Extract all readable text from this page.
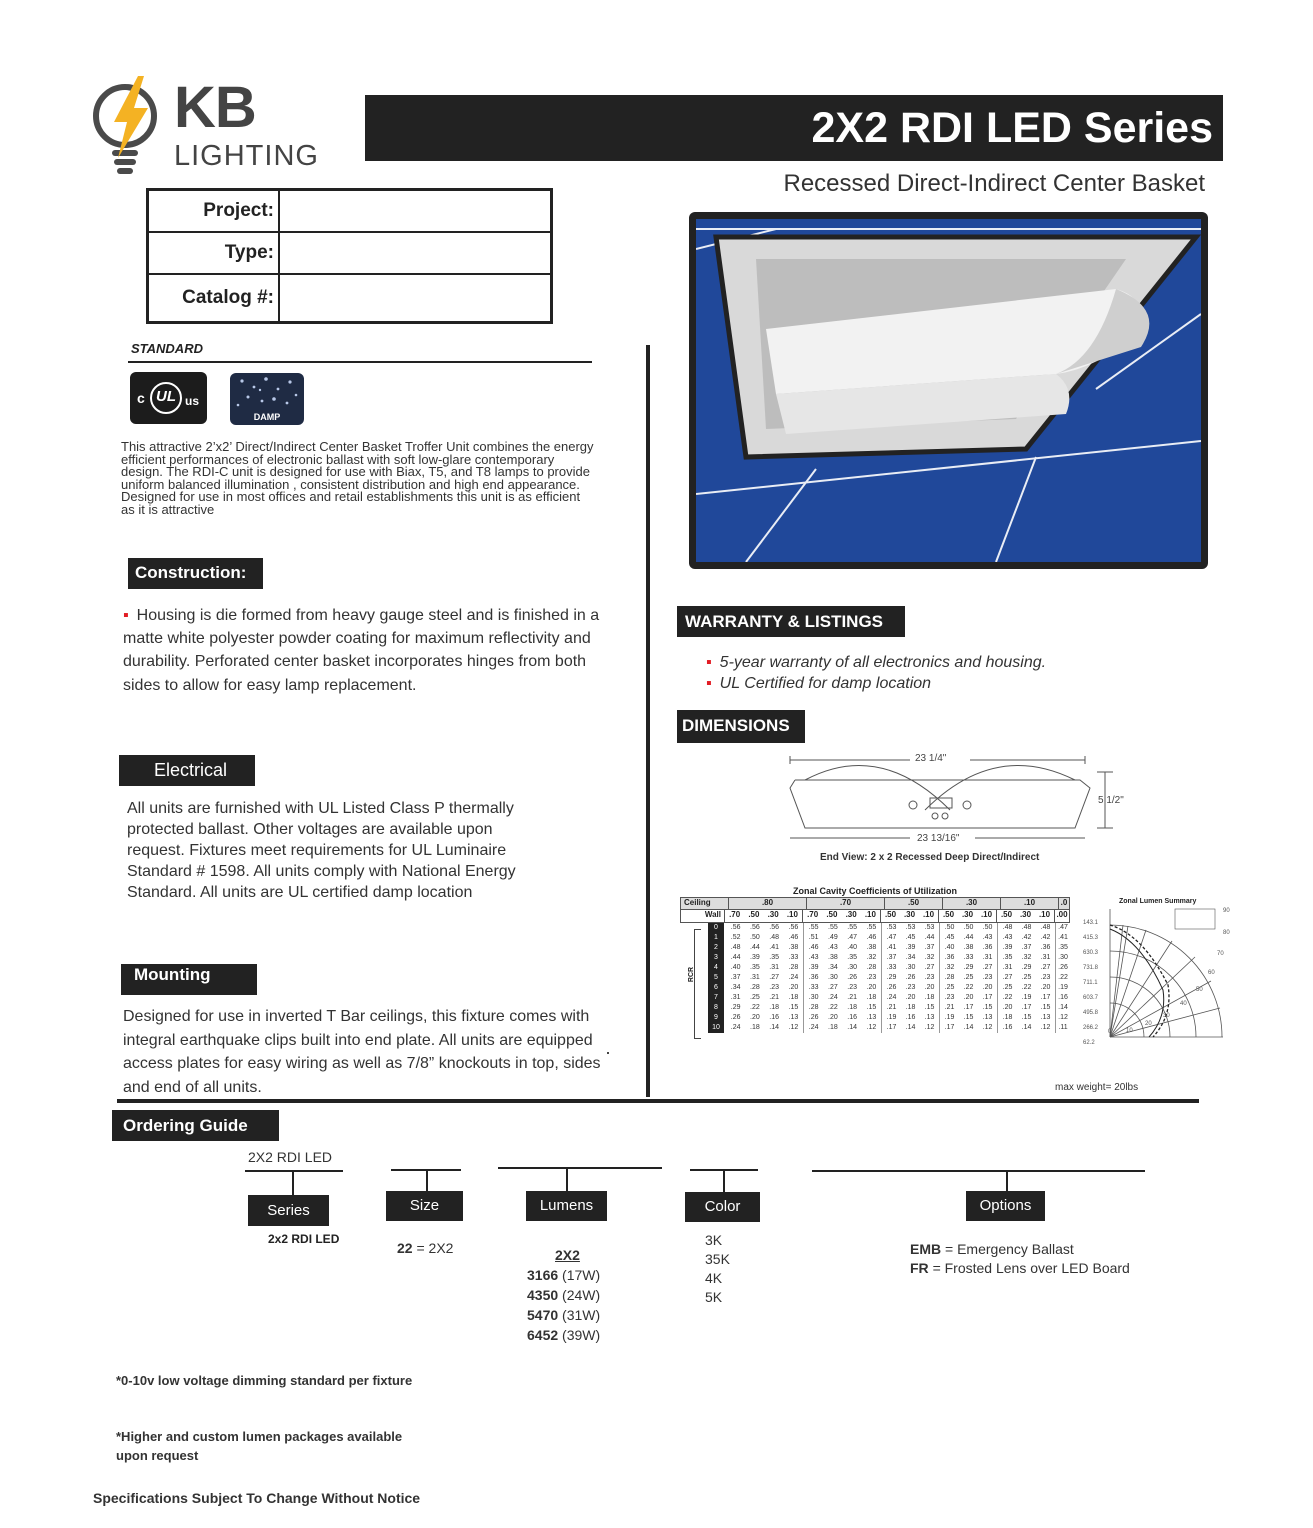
KB
LIGHTING
2X2 RDI LED Series
Recessed Direct-Indirect Center Basket
Project:	
Type:	
Catalog #:	
STANDARD
c UL us
DAMP
This attractive 2’x2’ Direct/Indirect Center Basket Troffer Unit combines the energy efficient performances of electronic ballast with soft low-glare contemporary design. The RDI-C unit is designed for use with Biax, T5, and T8 lamps to provide uniform balanced illumination , consistent distribution and high end appearance. Designed for use in most offices and retail establishments this unit is as efficient as it is attractive
Construction:
▪ Housing is die formed from heavy gauge steel and is finished in a matte white polyester powder coating for maximum reflectivity and durability. Perforated center basket incorporates hinges from both sides to allow for easy lamp replacement.
Electrical
All units are furnished with UL Listed Class P thermally protected ballast. Other voltages are available upon request. Fixtures meet requirements for UL Luminaire Standard # 1598. All units comply with National Energy Standard. All units are UL certified damp location
Mounting
Designed for use in inverted T Bar ceilings, this fixture comes with integral earthquake clips built into end plate. All units are equipped access plates for easy wiring as well as 7/8” knockouts in top, sides and end of all units.
WARRANTY & LISTINGS
▪ 5-year warranty of all electronics and housing.
▪ UL Certified for damp location
DIMENSIONS
23 1/4"
5 1/2"
23 13/16"
End View: 2 x 2 Recessed Deep Direct/Indirect
Zonal Cavity Coefficients of Utilization
Ceiling	.80	.70	.50	.30	.10	.0
Wall	.70	.50	.30	.10	.70	.50	.30	.10	.50 .30 .10	.50 .30 .10	.50 .30 .10 .00
RCR
0	.56	.56	.56	.56	.55	.55	.55	.55	.53	.53	.53	.50	.50	.50	.48	.48	.48	.47
1	.52	.50	.48	.46	.51	.49	.47	.46	.47	.45	.44	.45	.44	.43	.43	.42	.42	.41
2	.48	.44	.41	.38	.46	.43	.40	.38	.41	.39	.37	.40	.38	.36	.39	.37	.36	.35
3	.44	.39	.35	.33	.43	.38	.35	.32	.37	.34	.32	.36	.33	.31	.35	.32	.31	.30
4	.40	.35	.31	.28	.39	.34	.30	.28	.33	.30	.27	.32	.29	.27	.31	.29	.27	.26
5	.37	.31	.27	.24	.36	.30	.26	.23	.29	.26	.23	.28	.25	.23	.27	.25	.23	.22
6	.34	.28	.23	.20	.33	.27	.23	.20	.26	.23	.20	.25	.22	.20	.25	.22	.20	.19
7	.31	.25	.21	.18	.30	.24	.21	.18	.24	.20	.18	.23	.20	.17	.22	.19	.17	.16
8	.29	.22	.18	.15	.28	.22	.18	.15	.21	.18	.15	.21	.17	.15	.20	.17	.15	.14
9	.26	.20	.16	.13	.26	.20	.16	.13	.19	.16	.13	.19	.15	.13	.18	.15	.13	.12
10	.24	.18	.14	.12	.24	.18	.14	.12	.17	.14	.12	.17	.14	.12	.16	.14	.12	.11
Zonal Lumen Summary
143.1
415.3
630.3
731.8
711.1
603.7
495.8
266.2
62.2
90
80
70
60
50
40
30
20
10
0
max weight= 20lbs
Ordering Guide
2X2 RDI LED
Series	Size	Lumens	Color	Options
2x2 RDI LED
22 = 2X2	2X2
3166 (17W)
4350 (24W)
5470 (31W)
6452 (39W)
3K
35K
4K
5K
EMB = Emergency Ballast
FR = Frosted Lens over LED Board
*0-10v low voltage dimming standard per fixture
*Higher and custom lumen packages available upon request
Specifications Subject To Change Without Notice
